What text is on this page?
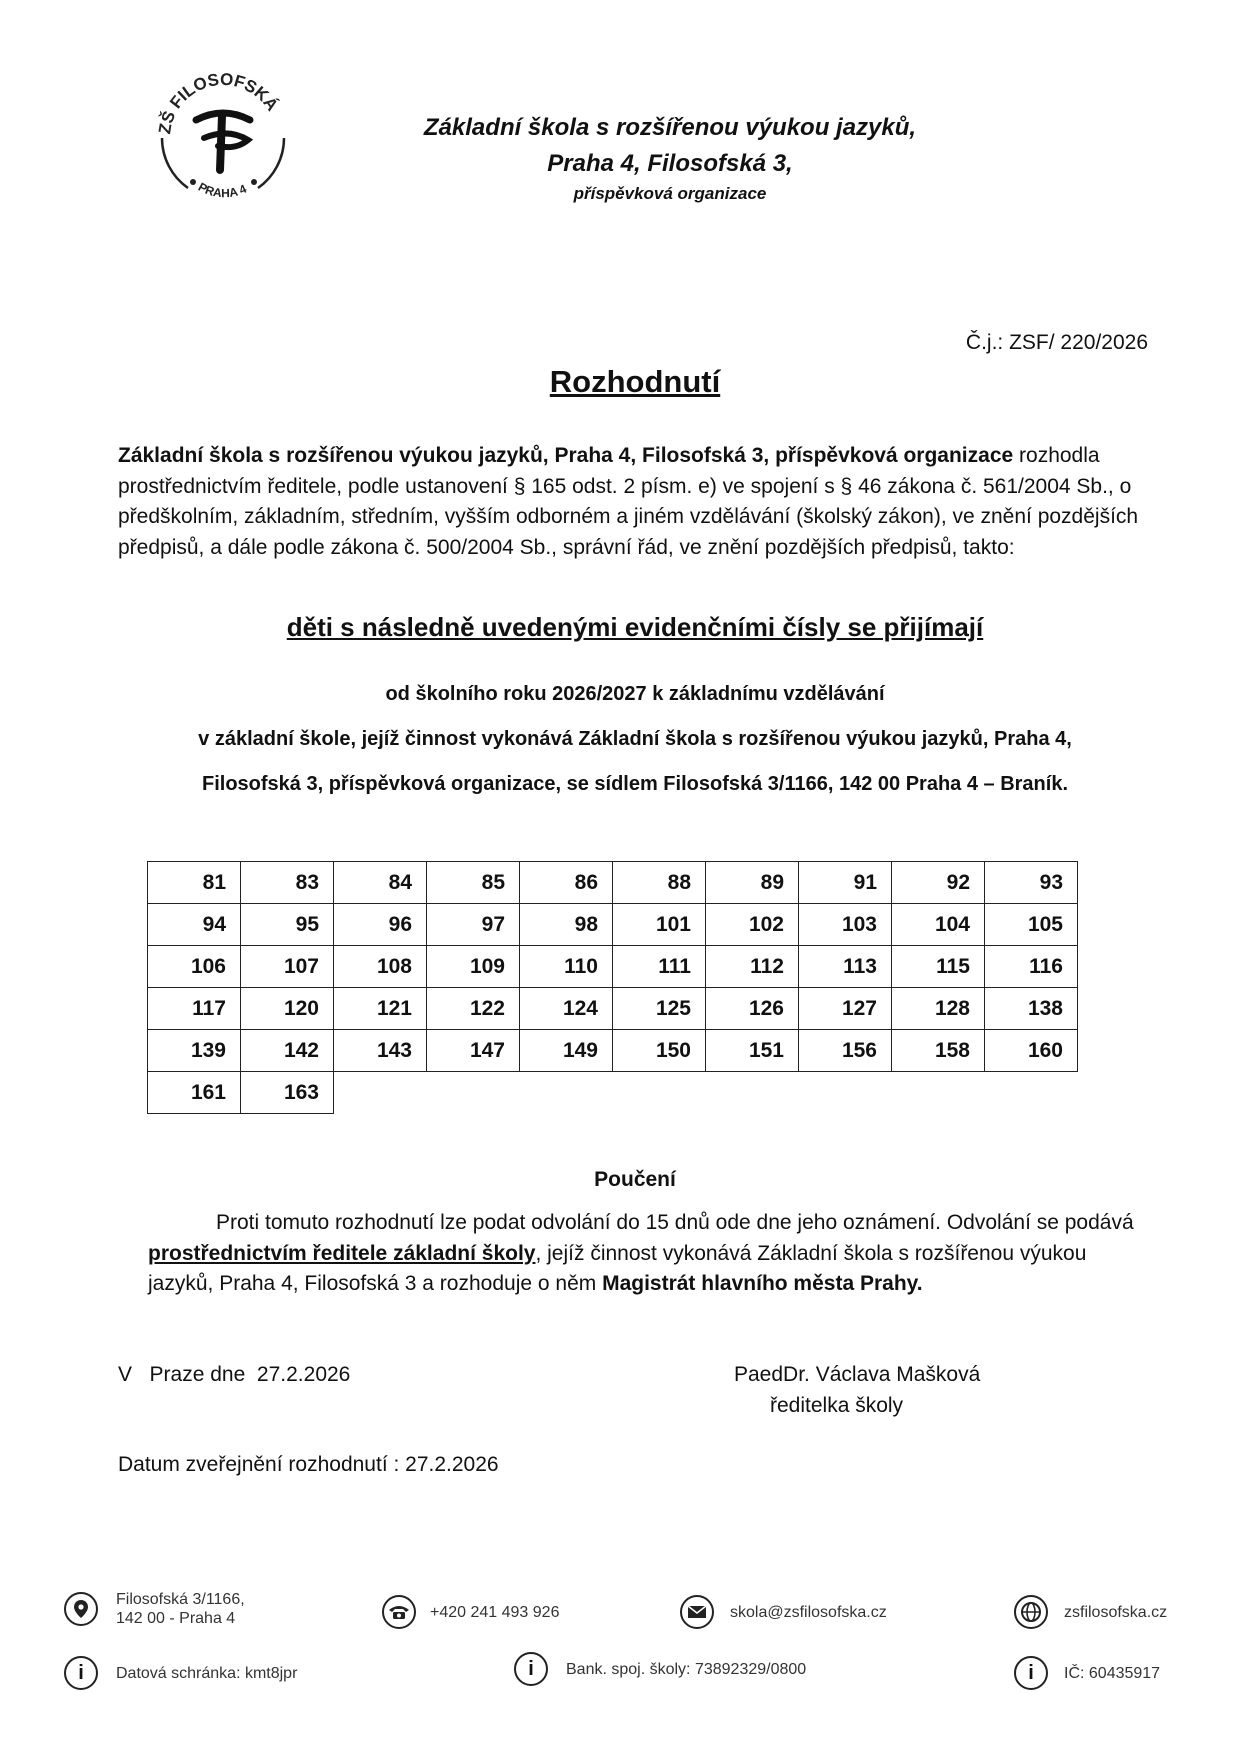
ZŠ FILOSOFSKÁ
PRAHA 4
Základní škola s rozšířenou výukou jazyků,
Praha 4, Filosofská 3,
příspěvková organizace
Č.j.: ZSF/ 220/2026
Rozhodnutí
Základní škola s rozšířenou výukou jazyků, Praha 4, Filosofská 3, příspěvková organizace rozhodla prostřednictvím ředitele, podle ustanovení § 165 odst. 2 písm. e) ve spojení s § 46 zákona č. 561/2004 Sb., o předškolním, základním, středním, vyšším odborném a jiném vzdělávání (školský zákon), ve znění pozdějších předpisů, a dále podle zákona č. 500/2004 Sb., správní řád, ve znění pozdějších předpisů, takto:
děti s následně uvedenými evidenčními čísly se přijímají
od školního roku 2026/2027 k základnímu vzdělávání
v základní škole, jejíž činnost vykonává Základní škola s rozšířenou výukou jazyků, Praha 4,
Filosofská 3, příspěvková organizace, se sídlem Filosofská 3/1166, 142 00 Praha 4 – Braník.
81	83	84	85	86	88	89	91	92	93
94	95	96	97	98	101	102	103	104	105
106	107	108	109	110	111	112	113	115	116
117	120	121	122	124	125	126	127	128	138
139	142	143	147	149	150	151	156	158	160
161	163								
Poučení
Proti tomuto rozhodnutí lze podat odvolání do 15 dnů ode dne jeho oznámení. Odvolání se podává prostřednictvím ředitele základní školy, jejíž činnost vykonává Základní škola s rozšířenou výukou jazyků, Praha 4, Filosofská 3 a rozhoduje o něm Magistrát hlavního města Prahy.
V Praze dne  27.2.2026	PaedDr. Václava Mašková
ředitelka školy
Datum zveřejnění rozhodnutí : 27.2.2026
Filosofská 3/1166,
142 00 - Praha 4	+420 241 493 926	skola@zsfilosofska.cz	zsfilosofska.cz
i	Datová schránka: kmt8jpr	i	Bank. spoj. školy: 73892329/0800	i	IČ: 60435917
